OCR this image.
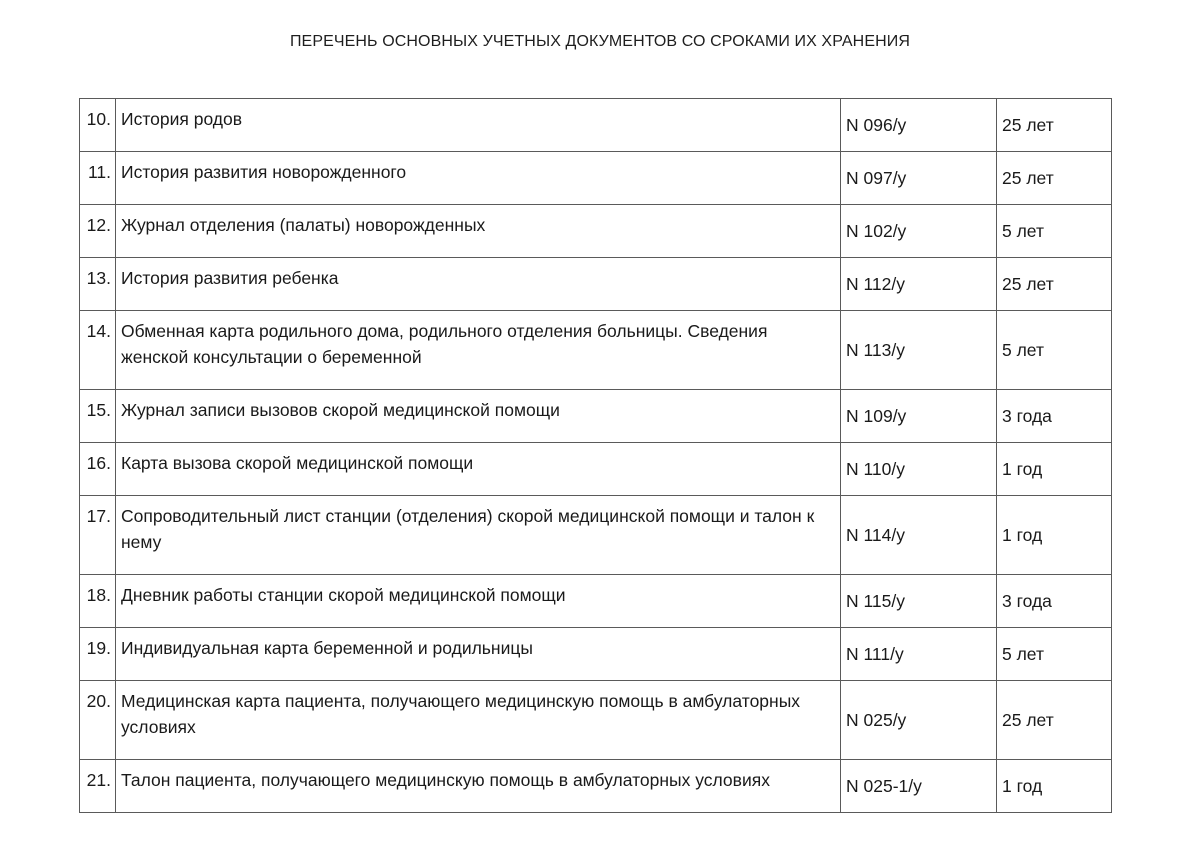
ПЕРЕЧЕНЬ ОСНОВНЫХ УЧЕТНЫХ ДОКУМЕНТОВ СО СРОКАМИ ИХ ХРАНЕНИЯ
10.	История родов	N 096/у	25 лет
11.	История развития новорожденного	N 097/у	25 лет
12.	Журнал отделения (палаты) новорожденных	N 102/у	5 лет
13.	История развития ребенка	N 112/у	25 лет
14.	Обменная карта родильного дома, родильного отделения больницы. Сведения женской консультации о беременной	N 113/у	5 лет
15.	Журнал записи вызовов скорой медицинской помощи	N 109/у	3 года
16.	Карта вызова скорой медицинской помощи	N 110/у	1 год
17.	Сопроводительный лист станции (отделения) скорой медицинской помощи и талон к нему	N 114/у	1 год
18.	Дневник работы станции скорой медицинской помощи	N 115/у	3 года
19.	Индивидуальная карта беременной и родильницы	N 111/у	5 лет
20.	Медицинская карта пациента, получающего медицинскую помощь в амбулаторных условиях	N 025/у	25 лет
21.	Талон пациента, получающего медицинскую помощь в амбулаторных условиях	N 025-1/у	1 год
